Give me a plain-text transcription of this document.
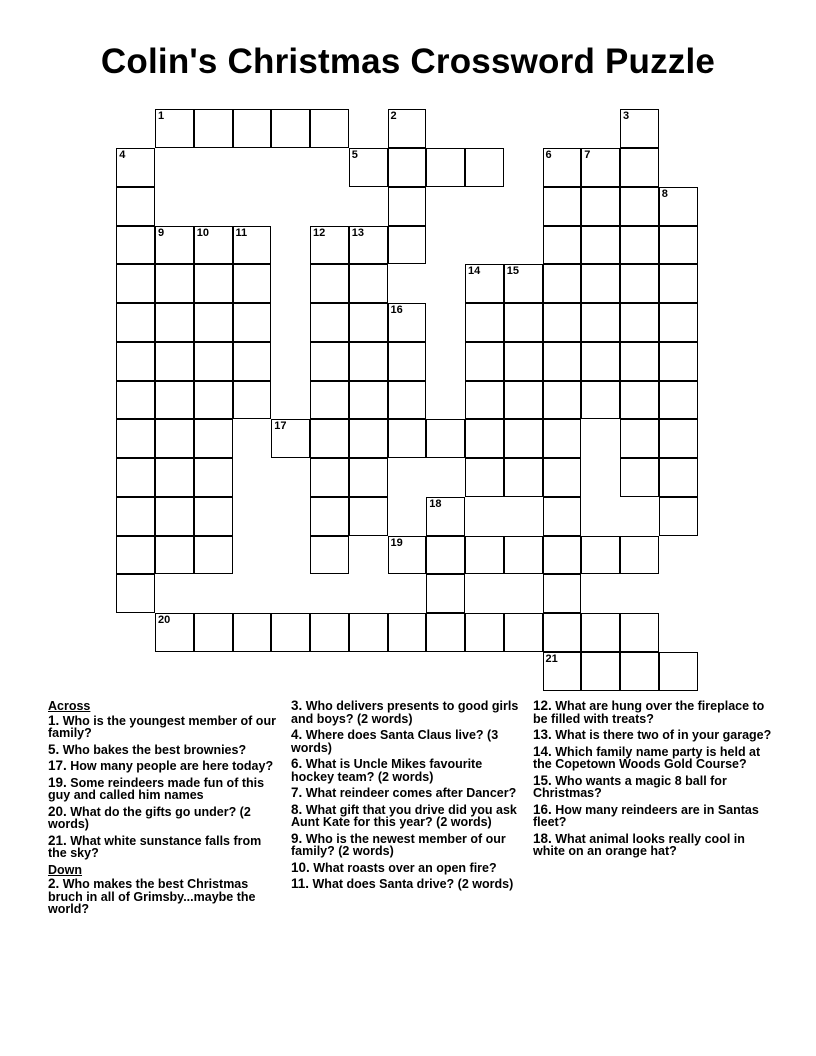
Colin's Christmas Crossword Puzzle
1	2	3
4	5	6	7
8
9	10 11	12 13
14 15
16
17
18
19
20
21
Across
1. Who is the youngest member of our family?
5. Who bakes the best brownies?
17. How many people are here today?
19. Some reindeers made fun of this guy and called him names
20. What do the gifts go under? (2 words)
21. What white sunstance falls from the sky?
Down
2. Who makes the best Christmas bruch in all of Grimsby...maybe the world?
3. Who delivers presents to good girls and boys? (2 words)
4. Where does Santa Claus live? (3 words)
6. What is Uncle Mikes favourite hockey team? (2 words)
7. What reindeer comes after Dancer?
8. What gift that you drive did you ask Aunt Kate for this year? (2 words)
9. Who is the newest member of our family? (2 words)
10. What roasts over an open fire?
11. What does Santa drive? (2 words)
12. What are hung over the fireplace to be filled with treats?
13. What is there two of in your garage?
14. Which family name party is held at the Copetown Woods Gold Course?
15. Who wants a magic 8 ball for Christmas?
16. How many reindeers are in Santas fleet?
18. What animal looks really cool in white on an orange hat?
